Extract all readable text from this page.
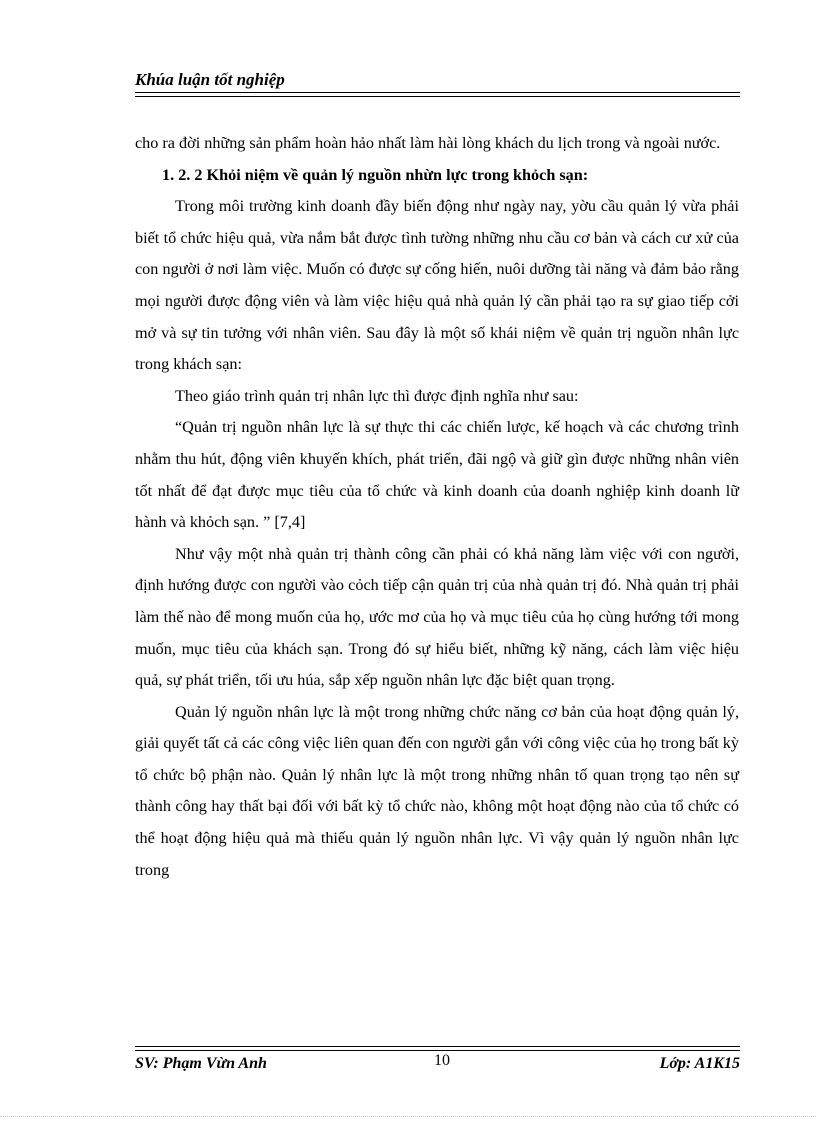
Khúa luận tốt nghiệp

cho ra đời những sản phẩm hoàn hảo nhất làm hài lòng khách du lịch trong và ngoài nước.

1. 2. 2 Khỏi niệm về quản lý nguồn nhừn lực trong khỏch sạn:

Trong môi trường kinh doanh đầy biến động như ngày nay, yờu cầu quản lý vừa phải biết tổ chức hiệu quả, vừa nắm bắt được tình tường những nhu cầu cơ bản và cách cư xử của con người ở nơi làm việc. Muốn có được sự cống hiến, nuôi dưỡng tài năng và đảm bảo rằng mọi người được động viên và làm việc hiệu quả nhà quản lý cần phải tạo ra sự giao tiếp cởi mở và sự tin tưởng với nhân viên. Sau đây là một số khái niệm về quản trị nguồn nhân lực trong khách sạn:

Theo giáo trình quản trị nhân lực thì được định nghĩa như sau:

“Quản trị nguồn nhân lực là sự thực thi các chiến lược, kế hoạch và các chương trình nhằm thu hút, động viên khuyến khích, phát triển, đãi ngộ và giữ gìn được những nhân viên tốt nhất để đạt được mục tiêu của tổ chức và kinh doanh của doanh nghiệp kinh doanh lữ hành và khỏch sạn. ” [7,4]

Như vậy một nhà quản trị thành công cần phải có khả năng làm việc với con người, định hướng được con người vào cỏch tiếp cận quản trị của nhà quản trị đó. Nhà quản trị phải làm thế nào để mong muốn của họ, ước mơ của họ và mục tiêu của họ cùng hướng tới mong muốn, mục tiêu của khách sạn. Trong đó sự hiểu biết, những kỹ năng, cách làm việc hiệu quả, sự phát triển, tối ưu húa, sắp xếp nguồn nhân lực đặc biệt quan trọng.

Quản lý nguồn nhân lực là một trong những chức năng cơ bản của hoạt động quản lý, giải quyết tất cả các công việc liên quan đến con người gắn với công việc của họ trong bất kỳ tổ chức bộ phận nào. Quản lý nhân lực là một trong những nhân tố quan trọng tạo nên sự thành công hay thất bại đối với bất kỳ tổ chức nào, không một hoạt động nào của tổ chức có thể hoạt động hiệu quả mà thiếu quản lý nguồn nhân lực. Vì vậy quản lý nguồn nhân lực trong

SV: Phạm Vừn Anh	10	Lớp: A1K15
